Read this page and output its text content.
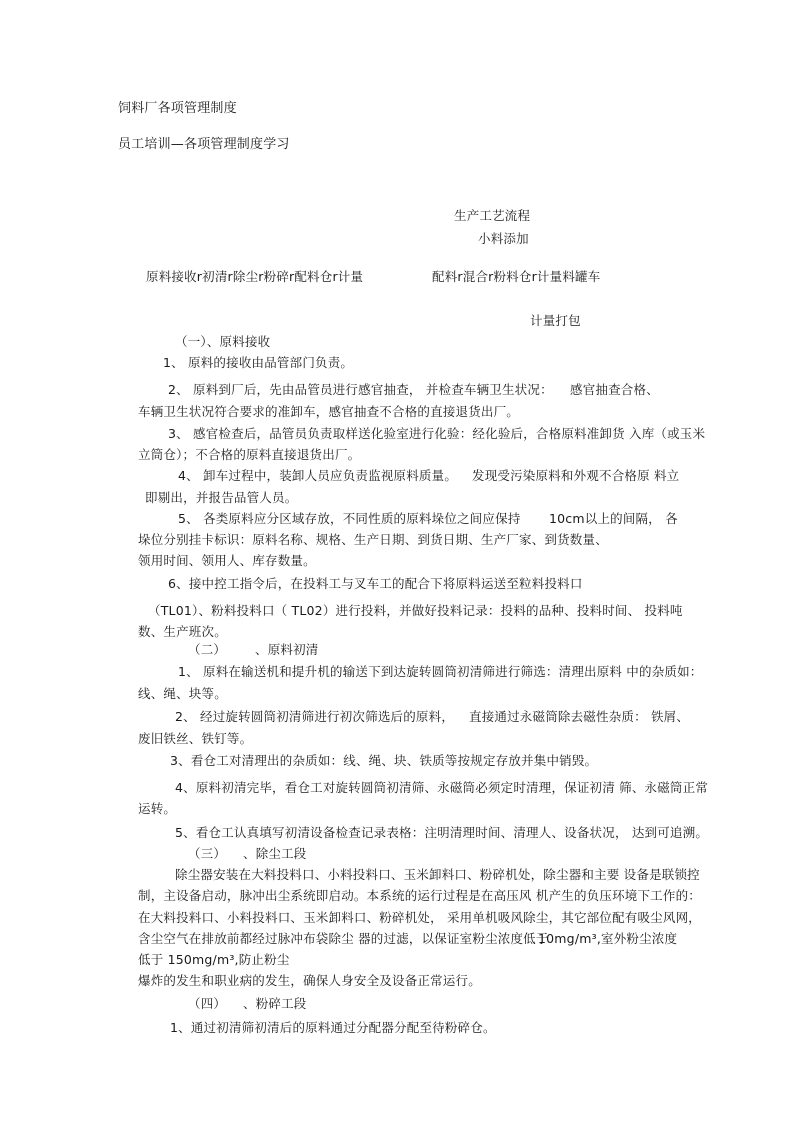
饲料厂各项管理制度
员工培训—各项管理制度学习
生产工艺流程
小料添加
原料接收r初清r除尘r粉碎r配料仓r计量	配料r混合r粉料仓r计量料罐车
计量打包
（一）、原料接收
1、 原料的接收由品管部门负责。
2、 原料到厂后，先由品管员进行感官抽查， 并检查车辆卫生状况： 感官抽查合格、
车辆卫生状况符合要求的准卸车，感官抽查不合格的直接退货出厂。
3、 感官检查后，品管员负责取样送化验室进行化验：经化验后，合格原料准卸货 入库（或玉米
立筒仓）；不合格的原料直接退货出厂。
4、 卸车过程中，装卸人员应负责监视原料质量。 发现受污染原料和外观不合格原 料立
即剔出，并报告品管人员。
5、 各类原料应分区域存放，不同性质的原料垛位之间应保持 10cm以上的间隔， 各
垛位分别挂卡标识：原料名称、规格、生产日期、到货日期、生产厂家、到货数量、
领用时间、领用人、库存数量。
6、接中控工指令后，在投料工与叉车工的配合下将原料运送至粒料投料口
（TL01）、粉料投料口（ TL02）进行投料，并做好投料记录：投料的品种、投料时间、 投料吨
数、生产班次。
（二） 、原料初清
1、 原料在输送机和提升机的输送下到达旋转圆筒初清筛进行筛选：清理出原料 中的杂质如：
线、绳、块等。
2、 经过旋转圆筒初清筛进行初次筛选后的原料， 直接通过永磁筒除去磁性杂质： 铁屑、
废旧铁丝、铁钉等。
3、看仓工对清理出的杂质如：线、绳、块、铁质等按规定存放并集中销毁。
4、原料初清完毕，看仓工对旋转圆筒初清筛、永磁筒必须定时清理，保证初清 筛、永磁筒正常
运转。
5、看仓工认真填写初清设备检查记录表格：注明清理时间、清理人、设备状况， 达到可追溯。
（三） 、除尘工段
除尘器安装在大料投料口、小料投料口、玉米卸料口、粉碎机处，除尘器和主要 设备是联锁控
制，主设备启动，脉冲出尘系统即启动。本系统的运行过程是在高压风 机产生的负压环境下工作的：
在大料投料口、小料投料口、玉米卸料口、粉碎机处， 采用单机吸风除尘，其它部位配有吸尘风网，
含尘空气在排放前都经过脉冲布袋除尘 器的过滤，以保证室粉尘浓度低于
10mg/m³,室外粉尘浓度
低于 150mg/m³,防止粉尘
爆炸的发生和职业病的发生，确保人身安全及设备正常运行。
（四） 、粉碎工段
1、通过初清筛初清后的原料通过分配器分配至待粉碎仓。
